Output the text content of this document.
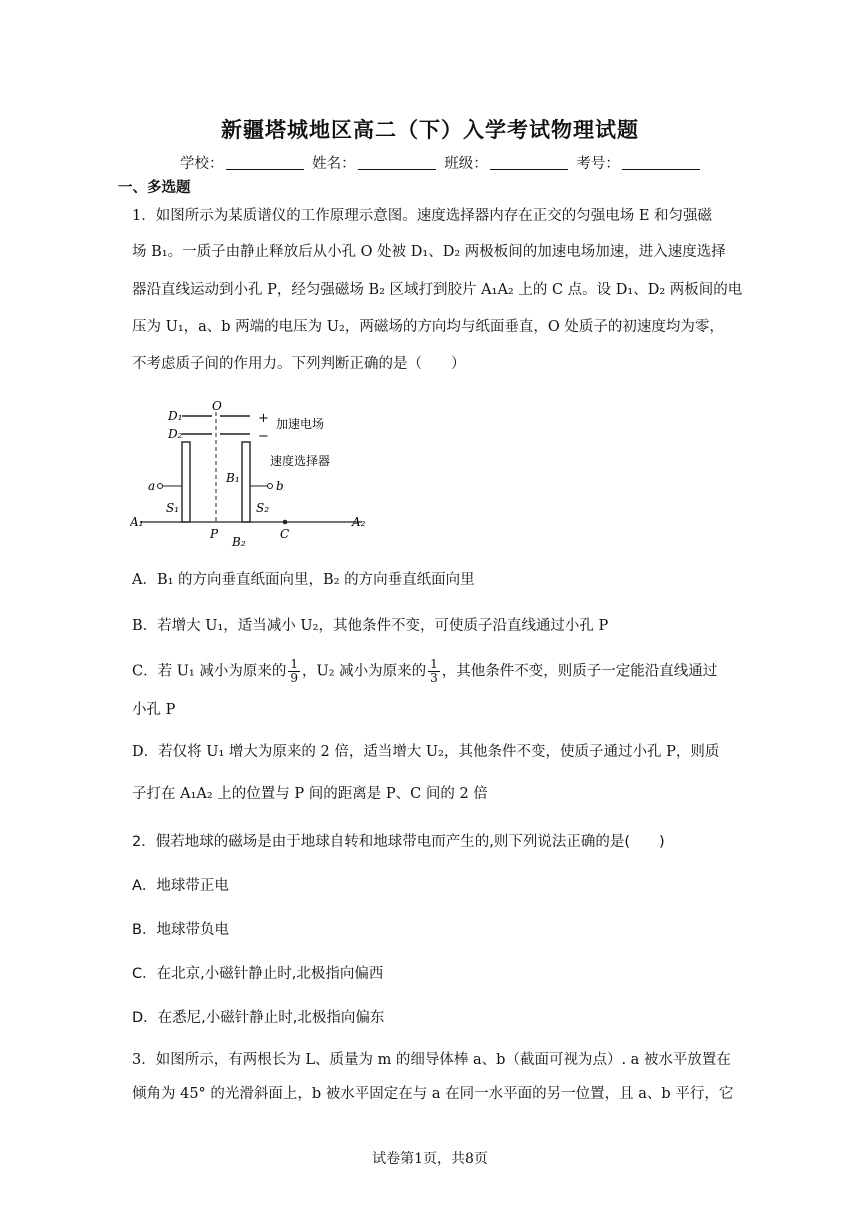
新疆塔城地区高二（下）入学考试物理试题
学校：	姓名：	班级：	考号：
一、多选题
1．如图所示为某质谱仪的工作原理示意图。速度选择器内存在正交的匀强电场 E 和匀强磁
场 B₁。一质子由静止释放后从小孔 O 处被 D₁、D₂ 两极板间的加速电场加速，进入速度选择
器沿直线运动到小孔 P，经匀强磁场 B₂ 区域打到胶片 A₁A₂ 上的 C 点。设 D₁、D₂ 两板间的电
压为 U₁，a、b 两端的电压为 U₂，两磁场的方向均与纸面垂直，O 处质子的初速度均为零，
不考虑质子间的作用力。下列判断正确的是（　　）
D₁
D₂
O
+
−
加速电场
速度选择器
a	b
S₁	S₂
B₁
A₁	A₂
P
B₂
C
A．B₁ 的方向垂直纸面向里，B₂ 的方向垂直纸面向里
B．若增大 U₁，适当减小 U₂，其他条件不变，可使质子沿直线通过小孔 P
C．若 U₁ 减小为原来的 $\frac{1}{9}$ ，U₂ 减小为原来的 $\frac{1}{3}$ ，其他条件不变，则质子一定能沿直线通过
小孔 P
D．若仅将 U₁ 增大为原来的 2 倍，适当增大 U₂，其他条件不变，使质子通过小孔 P，则质
子打在 A₁A₂ 上的位置与 P 间的距离是 P、C 间的 2 倍
2．假若地球的磁场是由于地球自转和地球带电而产生的,则下列说法正确的是(　　)
A．地球带正电
B．地球带负电
C．在北京,小磁针静止时,北极指向偏西
D．在悉尼,小磁针静止时,北极指向偏东
3．如图所示，有两根长为 L、质量为 m 的细导体棒 a、b（截面可视为点）. a 被水平放置在
倾角为 45° 的光滑斜面上，b 被水平固定在与 a 在同一水平面的另一位置，且 a、b 平行，它
试卷第1页，共8页
